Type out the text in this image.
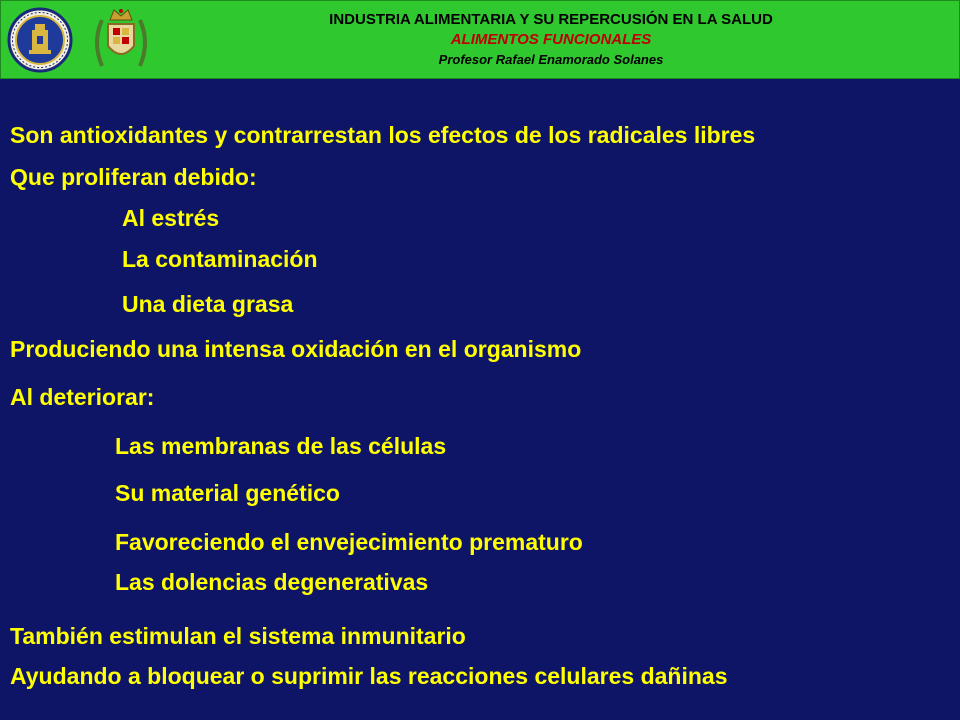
INDUSTRIA ALIMENTARIA Y SU REPERCUSIÓN EN LA SALUD
ALIMENTOS FUNCIONALES
Profesor Rafael Enamorado Solanes
Son antioxidantes y contrarrestan los efectos de los radicales libres
Que proliferan debido:
Al estrés
La contaminación
Una dieta grasa
Produciendo una intensa oxidación en el organismo
Al deteriorar:
Las membranas de las células
Su material genético
Favoreciendo el envejecimiento prematuro
Las dolencias degenerativas
También estimulan el sistema inmunitario
Ayudando a bloquear o suprimir las reacciones celulares dañinas
